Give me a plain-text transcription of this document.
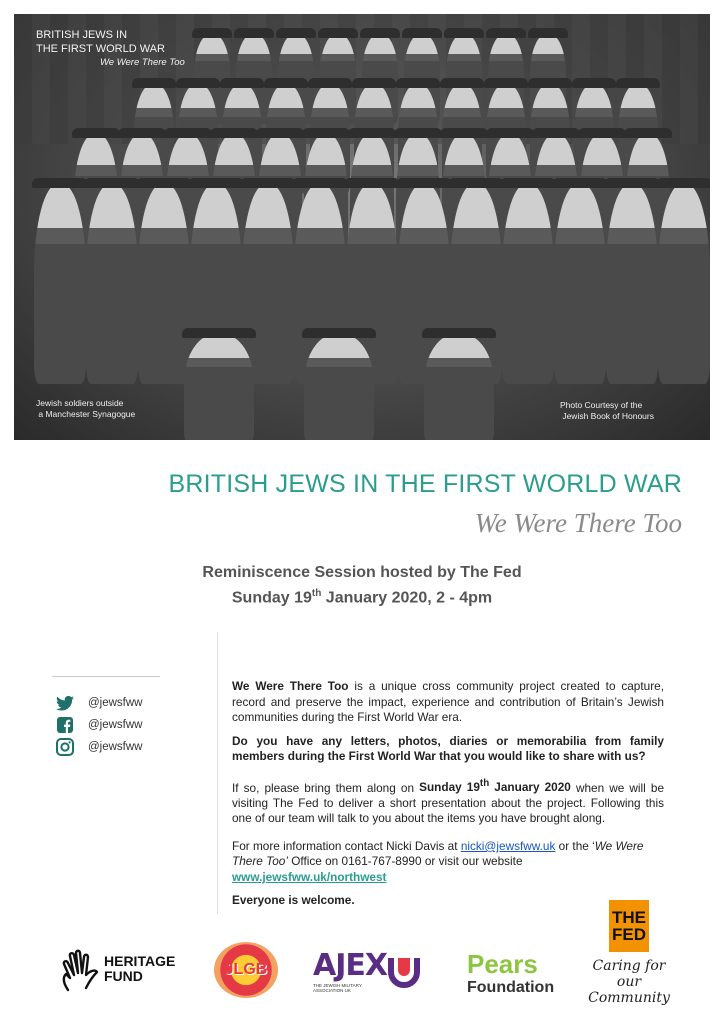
BRITISH JEWS IN
THE FIRST WORLD WAR
We Were There Too
Jewish soldiers outside
a Manchester Synagogue
Photo Courtesy of the
Jewish Book of Honours
BRITISH JEWS IN THE FIRST WORLD WAR
We Were There Too
Reminiscence Session hosted by The Fed
Sunday 19th January 2020, 2 - 4pm
@jewsfww
@jewsfww
@jewsfww

We Were There Too is a unique cross community project created to capture, record and preserve the impact, experience and contribution of Britain’s Jewish communities during the First World War era.

Do you have any letters, photos, diaries or memorabilia from family members during the First World War that you would like to share with us?

If so, please bring them along on Sunday 19th January 2020 when we will be visiting The Fed to deliver a short presentation about the project. Following this one of our team will talk to you about the items you have brought along.

For more information contact Nicki Davis at nicki@jewsfww.uk or the ‘We Were There Too’ Office on 0161-767-8990 or visit our website www.jewsfww.uk/northwest

Everyone is welcome.

HERITAGE
FUND	JLGB AJEX
THE JEWISH MILITARY ASSOCIATION UK
Pears
Foundation
THE
FED
Caring for our
Community
